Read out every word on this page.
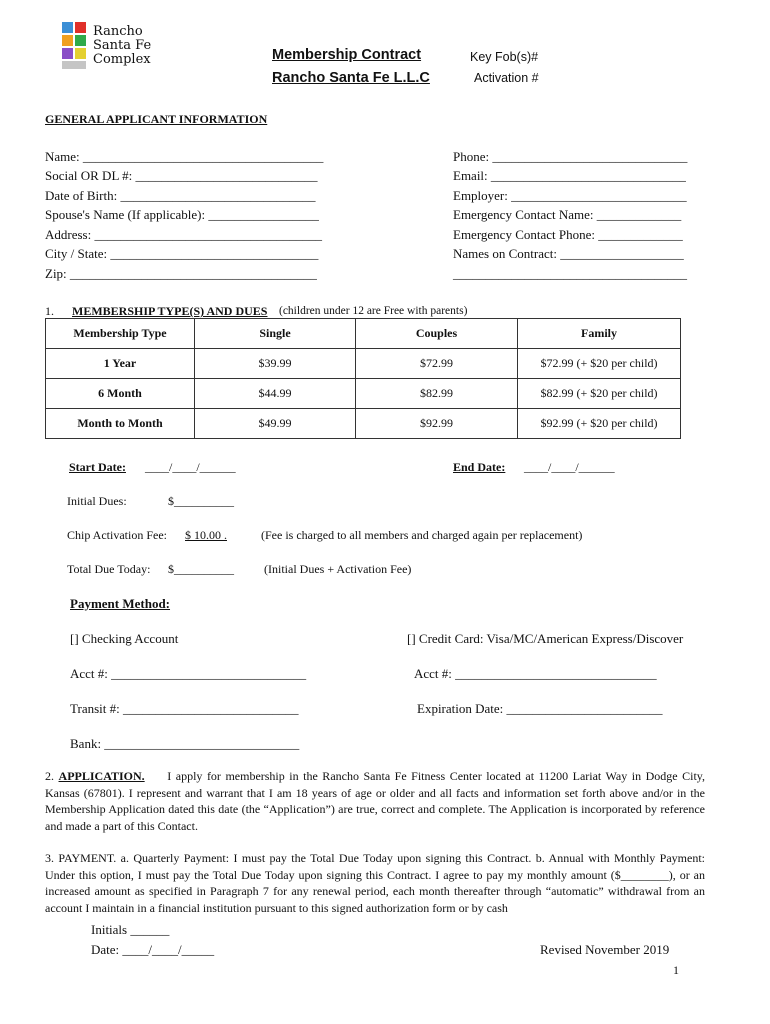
Rancho
Santa Fe
Complex	Membership Contract
Rancho Santa Fe L.L.C
Key Fob(s)#
Activation #
GENERAL APPLICANT INFORMATION
Name: _____________________________________
Social OR DL #: ____________________________
Date of Birth: ______________________________
Spouse's Name (If applicable): _________________
Address: ___________________________________
City / State: ________________________________
Zip: ______________________________________
Phone: ______________________________
Email: ______________________________
Employer: ___________________________
Emergency Contact Name: _____________
Emergency Contact Phone: _____________
Names on Contract: ___________________
____________________________________
1. MEMBERSHIP TYPE(S) AND DUES (children under 12 are Free with parents)
Membership Type	Single	Couples	Family
1 Year	$39.99	$72.99	$72.99 (+ $20 per child)
6 Month	$44.99	$82.99	$82.99 (+ $20 per child)
Month to Month	$49.99	$92.99	$92.99 (+ $20 per child)
Start Date: ____/____/______	End Date: ____/____/______
Initial Dues:	$__________
Chip Activation Fee: $ 10.00 .	(Fee is charged to all members and charged again per replacement)
Total Due Today: $__________	(Initial Dues + Activation Fee)
Payment Method:
[] Checking Account	[] Credit Card: Visa/MC/American Express/Discover
Acct #: ______________________________	Acct #: _______________________________
Transit #: ___________________________	Expiration Date: ________________________
Bank: ______________________________
2. APPLICATION. I apply for membership in the Rancho Santa Fe Fitness Center located at 11200 Lariat Way in Dodge City, Kansas (67801). I represent and warrant that I am 18 years of age or older and all facts and information set forth above and/or in the Membership Application dated this date (the “Application”) are true, correct and complete. The Application is incorporated by reference and made a part of this Contact.
3. PAYMENT. a. Quarterly Payment: I must pay the Total Due Today upon signing this Contract. b. Annual with Monthly Payment: Under this option, I must pay the Total Due Today upon signing this Contract. I agree to pay my monthly amount ($________), or an increased amount as specified in Paragraph 7 for any renewal period, each month thereafter through “automatic” withdrawal from an account I maintain in a financial institution pursuant to this signed authorization form or by cash
Initials ______
Date: ____/____/_____	Revised November 2019
1
